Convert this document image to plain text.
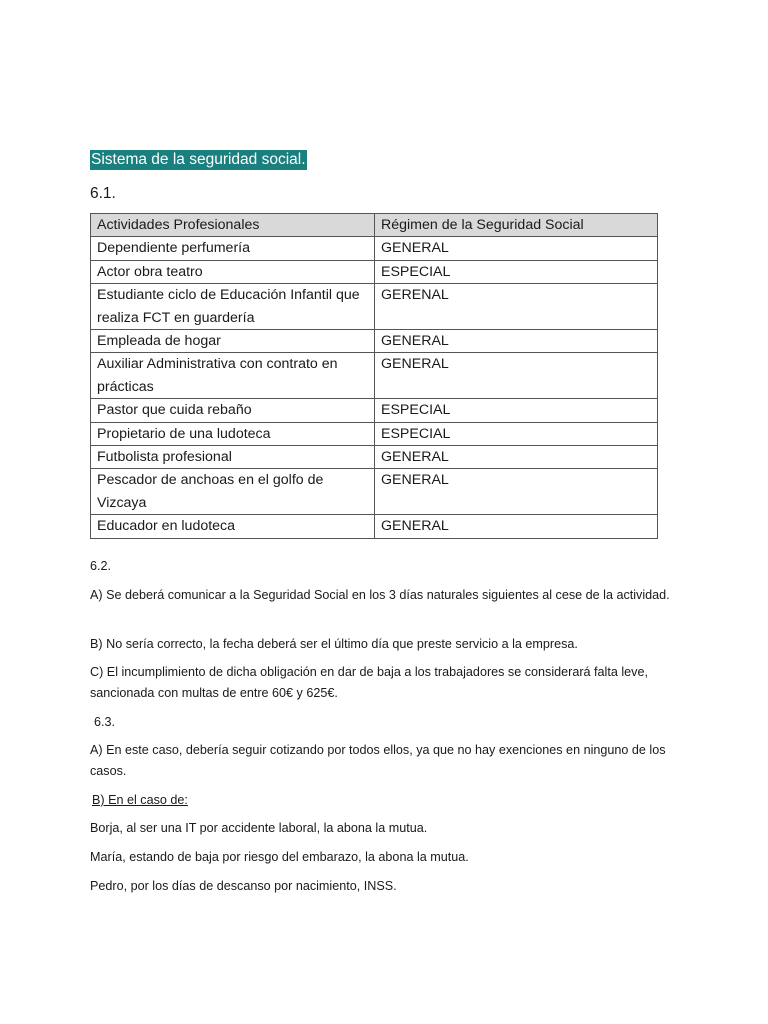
Sistema de la seguridad social.
6.1.
Actividades Profesionales	Régimen de la Seguridad Social
Dependiente perfumería	GENERAL
Actor obra teatro	ESPECIAL
Estudiante ciclo de Educación Infantil que realiza FCT en guardería	GERENAL
Empleada de hogar	GENERAL
Auxiliar Administrativa con contrato en prácticas	GENERAL
Pastor que cuida rebaño	ESPECIAL
Propietario de una ludoteca	ESPECIAL
Futbolista profesional	GENERAL
Pescador de anchoas en el golfo de Vizcaya	GENERAL
Educador en ludoteca	GENERAL
6.2.

A) Se deberá comunicar a la Seguridad Social en los 3 días naturales siguientes al cese de la actividad.

B) No sería correcto, la fecha deberá ser el último día que preste servicio a la empresa.

C) El incumplimiento de dicha obligación en dar de baja a los trabajadores se considerará falta leve, sancionada con multas de entre 60€ y 625€.

6.3.

A) En este caso, debería seguir cotizando por todos ellos, ya que no hay exenciones en ninguno de los casos.

B) En el caso de:
Borja, al ser una IT por accidente laboral, la abona la mutua.
María, estando de baja por riesgo del embarazo, la abona la mutua.
Pedro, por los días de descanso por nacimiento, INSS.
